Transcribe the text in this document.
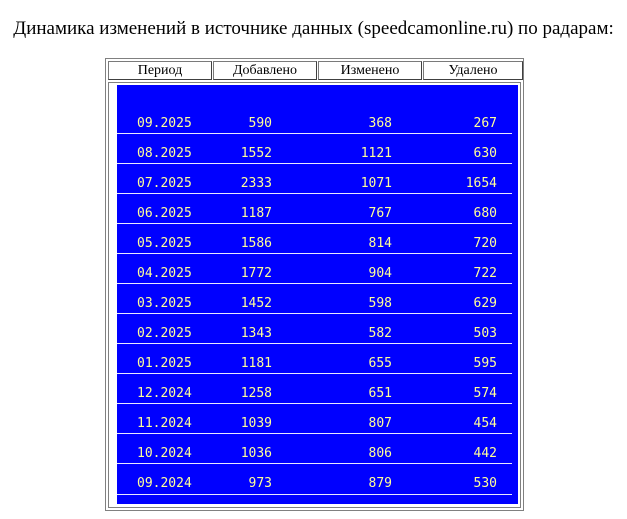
Динамика изменений в источнике данных (speedcamonline.ru) по радарам:
Период	Добавлено	Изменено	Удалено
09.2024	973	879	530
10.2024	1036	806	442
11.2024	1039	807	454
12.2024	1258	651	574
01.2025	1181	655	595
02.2025	1343	582	503
03.2025	1452	598	629
04.2025	1772	904	722
05.2025	1586	814	720
06.2025	1187	767	680
07.2025	2333	1071	1654
08.2025	1552	1121	630
09.2025	590	368	267
